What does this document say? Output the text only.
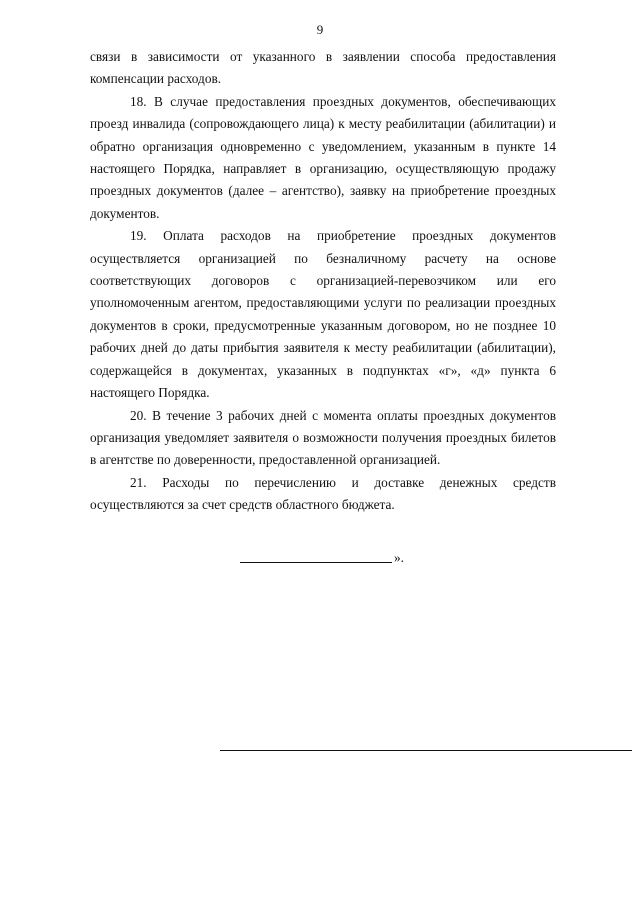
9

связи в зависимости от указанного в заявлении способа предоставления компенсации расходов.

18. В случае предоставления проездных документов, обеспечивающих проезд инвалида (сопровождающего лица) к месту реабилитации (абилитации) и обратно организация одновременно с уведомлением, указанным в пункте 14 настоящего Порядка, направляет в организацию, осуществляющую продажу проездных документов (далее – агентство), заявку на приобретение проездных документов.

19. Оплата расходов на приобретение проездных документов осуществляется организацией по безналичному расчету на основе соответствующих договоров с организацией-перевозчиком или его уполномоченным агентом, предоставляющими услуги по реализации проездных документов в сроки, предусмотренные указанным договором, но не позднее 10 рабочих дней до даты прибытия заявителя к месту реабилитации (абилитации), содержащейся в документах, указанных в подпунктах «г», «д» пункта 6 настоящего Порядка.

20. В течение 3 рабочих дней с момента оплаты проездных документов организация уведомляет заявителя о возможности получения проездных билетов в агентстве по доверенности, предоставленной организацией.

21. Расходы по перечислению и доставке денежных средств осуществляются за счет средств областного бюджета.

».
